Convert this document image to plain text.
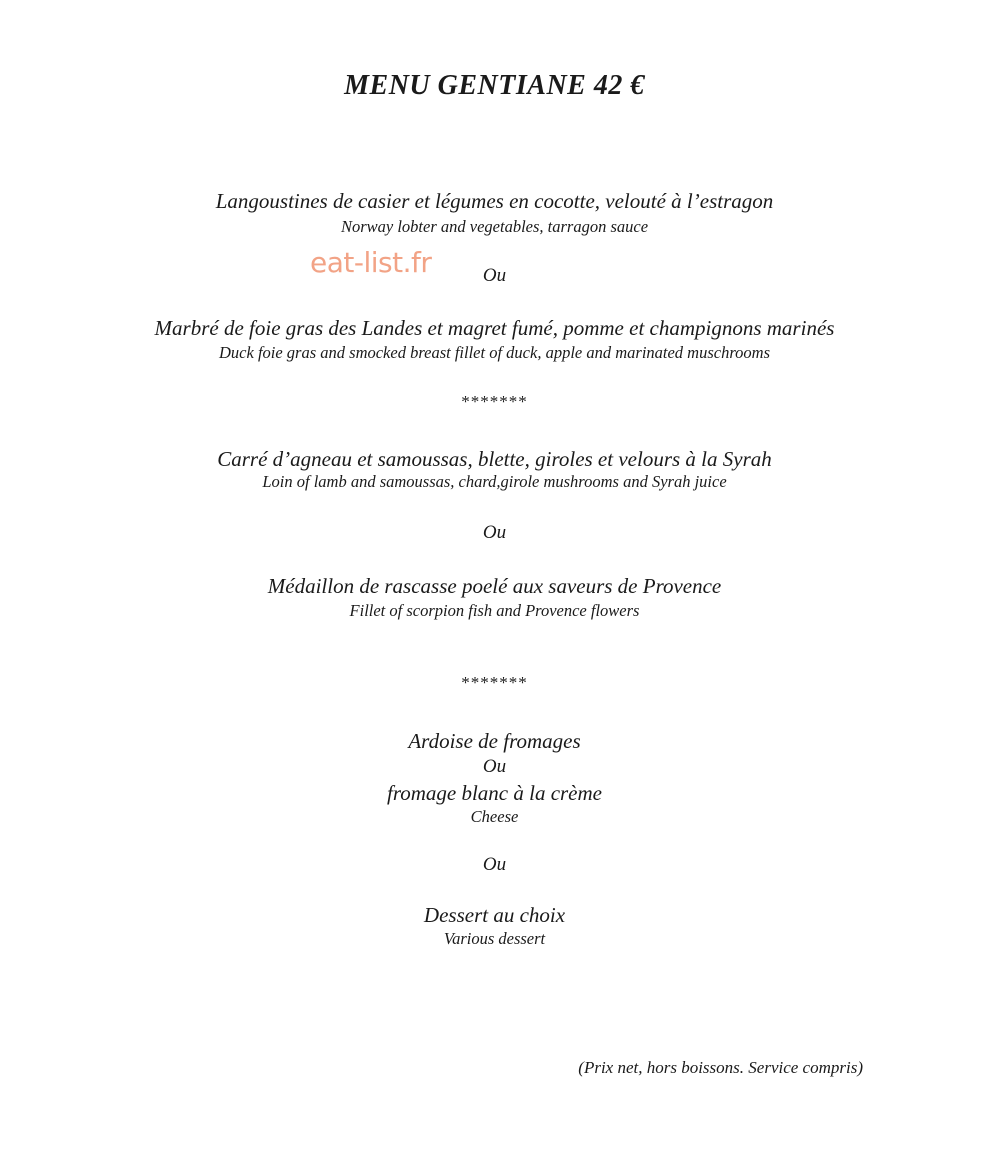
MENU GENTIANE 42 €
Langoustines de casier et légumes en cocotte, velouté à l’estragon
Norway lobter and vegetables, tarragon sauce
eat-list.fr	Ou
Marbré de foie gras des Landes et magret fumé, pomme et champignons marinés
Duck foie gras and smocked breast fillet of duck, apple and marinated muschrooms
*******
Carré d’agneau et samoussas, blette, giroles et velours à la Syrah
Loin of lamb and samoussas, chard,girole mushrooms and Syrah juice
Ou
Médaillon de rascasse poelé aux saveurs de Provence
Fillet of scorpion fish and Provence flowers
*******
Ardoise de fromages
Ou
fromage blanc à la crème
Cheese
Ou
Dessert au choix
Various dessert
(Prix net, hors boissons. Service compris)
